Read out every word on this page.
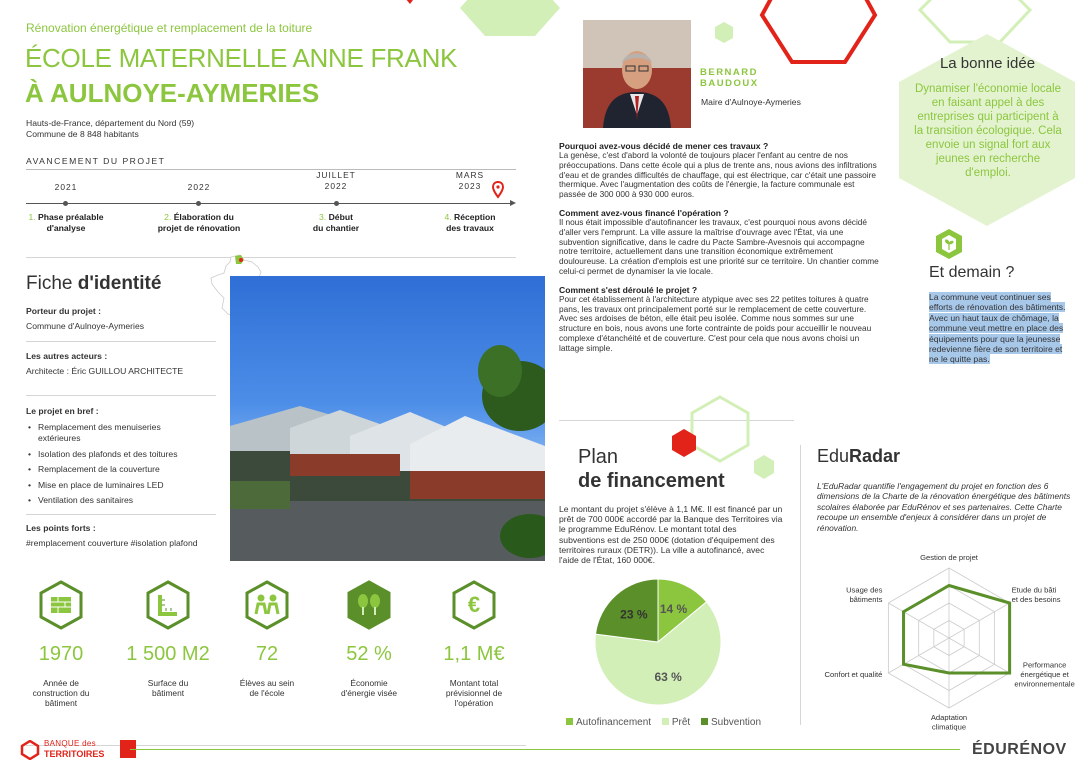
Rénovation énergétique et remplacement de la toiture
ÉCOLE MATERNELLE ANNE FRANK
À AULNOYE-AYMERIES
Hauts-de-France, département du Nord (59)
Commune de 8 848 habitants
AVANCEMENT DU PROJET
2021
1. Phase préalable
d'analyse
2022
2. Élaboration du
projet de rénovation
JUILLET
2022
3. Début
du chantier
MARS
2023
4. Réception
des travaux
Fiche d'identité
Porteur du projet :
Commune d'Aulnoye-Aymeries
Les autres acteurs :
Architecte : Éric GUILLOU ARCHITECTE
Le projet en bref :
• Remplacement des menuiseries extérieures
• Isolation des plafonds et des toitures
• Remplacement de la couverture
• Mise en place de luminaires LED
• Ventilation des sanitaires
Les points forts :
#remplacement couverture #isolation plafond
1970
Année de
construction du
bâtiment
1 500 M2
Surface du
bâtiment
72
Élèves au sein
de l'école
52 %
Économie
d'énergie visée
€
1,1 M€
Montant total
prévisionnel de
l'opération
BANQUE des
TERRITOIRES	ÉDURÉNOV
BERNARD
BAUDOUX
Maire d'Aulnoye-Aymeries
Pourquoi avez-vous décidé de mener ces travaux ?
La genèse, c'est d'abord la volonté de toujours placer l'enfant au centre de nos préoccupations. Dans cette école qui a plus de trente ans, nous avions des infiltrations d'eau et de grandes difficultés de chauffage, qui est électrique, car c'était une passoire thermique. Avec l'augmentation des coûts de l'énergie, la facture communale est passée de 300 000 à 930 000 euros.
Comment avez-vous financé l'opération ?
Il nous était impossible d'autofinancer les travaux, c'est pourquoi nous avons décidé d'aller vers l'emprunt. La ville assure la maîtrise d'ouvrage avec l'État, via une subvention significative, dans le cadre du Pacte Sambre-Avesnois qui accompagne notre territoire, actuellement dans une transition économique extrêmement douloureuse. La création d'emplois est une priorité sur ce territoire. Un chantier comme celui-ci permet de dynamiser la vie locale.
Comment s'est déroulé le projet ?
Pour cet établissement à l'architecture atypique avec ses 22 petites toitures à quatre pans, les travaux ont principalement porté sur le remplacement de cette couverture. Avec ses ardoises de béton, elle était peu isolée. Comme nous sommes sur une structure en bois, nous avons une forte contrainte de poids pour accueillir le nouveau complexe d'étanchéité et de couverture. C'est pour cela que nous avons choisi un lattage simple.
La bonne idée
Dynamiser l'économie locale en faisant appel à des entreprises qui participent à la transition écologique. Cela envoie un signal fort aux jeunes en recherche d'emploi.
Et demain ?
La commune veut continuer ses efforts de rénovation des bâtiments. Avec un haut taux de chômage, la commune veut mettre en place des équipements pour que la jeunesse redevienne fière de son territoire et ne le quitte pas.
Plan
de financement
Le montant du projet s'élève à 1,1 M€. Il est financé par un prêt de 700 000€ accordé par la Banque des Territoires via le programme EduRénov. Le montant total des subventions est de 250 000€ (dotation d'équipement des territoires ruraux (DETR)). La ville a autofinancé, avec l'aide de l'État, 160 000€.
14 %
63 %
23 %
Autofinancement Prêt Subvention
EduRadar
L'EduRadar quantifie l'engagement du projet en fonction des 6 dimensions de la Charte de la rénovation énergétique des bâtiments scolaires élaborée par EduRénov et ses partenaires. Cette Charte recoupe un ensemble d'enjeux à considérer dans un projet de rénovation.
Gestion de projet
Etude du bâti et des besoins
Performance énergétique et environnementale
Adaptation climatique
Confort et qualité
Usage des bâtiments
